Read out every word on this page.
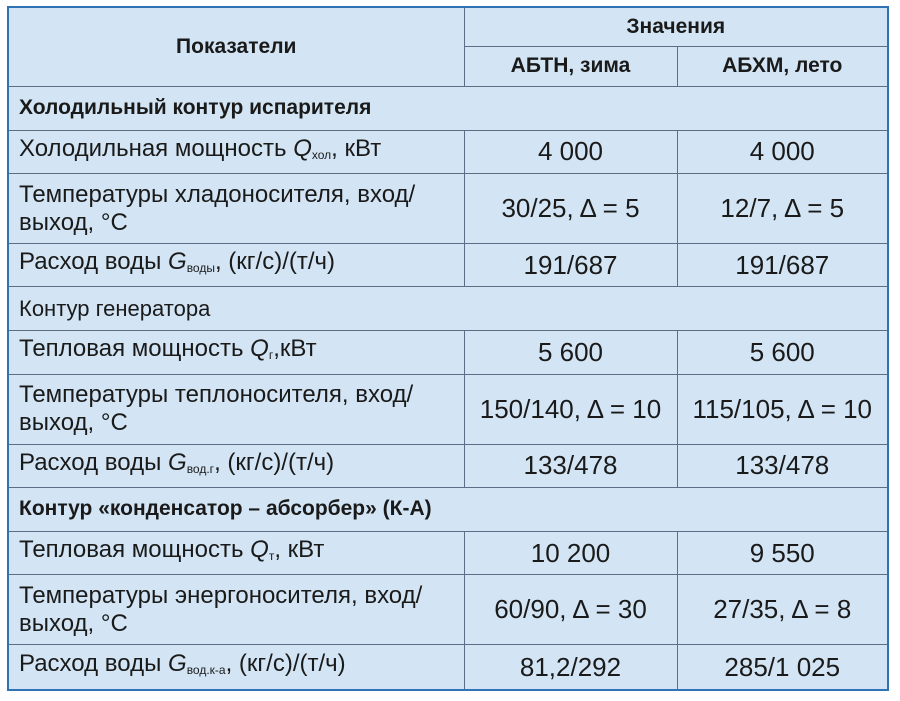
Показатели	Значения	
	АБТН, зима	АБХМ, лето
Холодильный контур испарителя		
Холодильная мощность $Q_{хол}$, кВт	4 000	4 000
Температуры хладоносителя, вход/
выход, °С	30/25, Δ = 5	12/7, Δ = 5
Расход воды $G_{воды}$, (кг/с)/(т/ч)	191/687	191/687
Контур генератора		
Тепловая мощность $Q_г,кВт$	5 600	5 600
Температуры теплоносителя, вход/
выход, °С	150/140, Δ = 10	115/105, Δ = 10
Расход воды $G_{вод.г}$, (кг/с)/(т/ч)	133/478	133/478
Контур «конденсатор – абсорбер» (К-А)		
Тепловая мощность $Q_т$, кВт	10 200	9 550
Температуры энергоносителя, вход/
выход, °С	60/90, Δ = 30	27/35, Δ = 8
Расход воды $G_{вод.к-а}$, (кг/с)/(т/ч)	81,2/292	285/1 025
